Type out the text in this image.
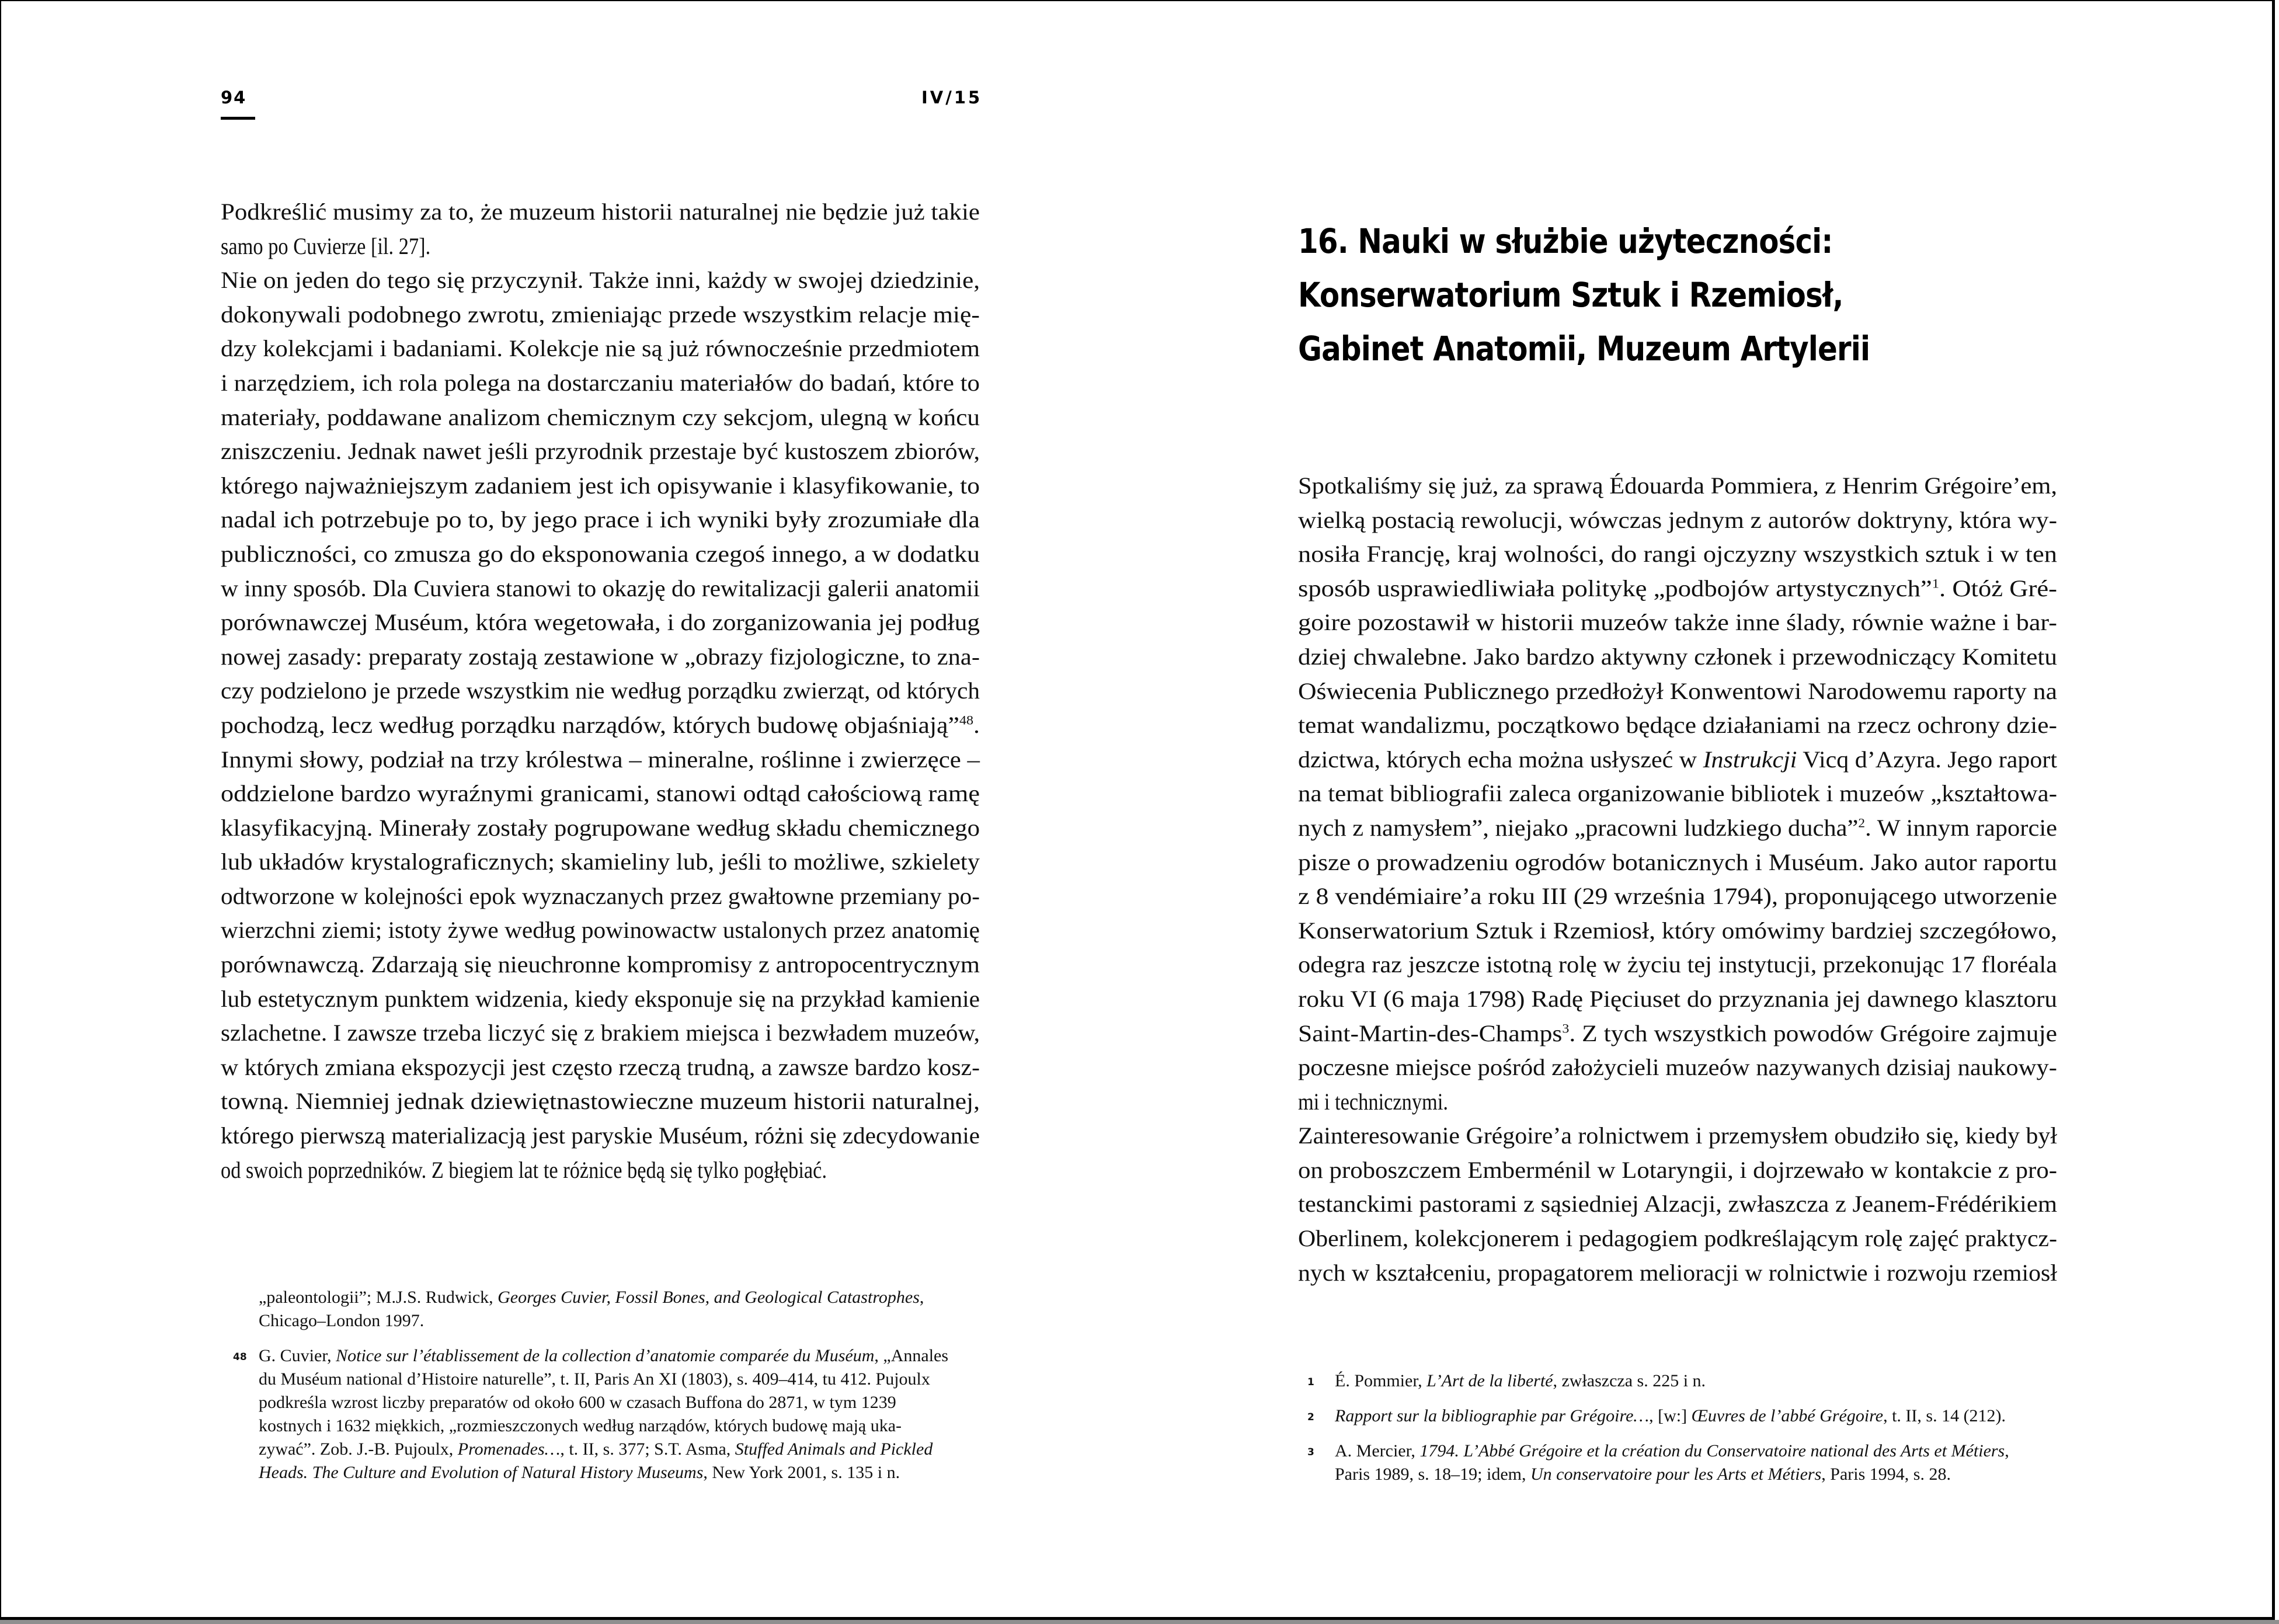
94	IV/15
Podkreślić musimy za to, że muzeum historii naturalnej nie będzie już takie
samo po Cuvierze [il. 27].
Nie on jeden do tego się przyczynił. Także inni, każdy w swojej dziedzinie,
dokonywali podobnego zwrotu, zmieniając przede wszystkim relacje mię-
dzy kolekcjami i badaniami. Kolekcje nie są już równocześnie przedmiotem
i narzędziem, ich rola polega na dostarczaniu materiałów do badań, które to
materiały, poddawane analizom chemicznym czy sekcjom, ulegną w końcu
zniszczeniu. Jednak nawet jeśli przyrodnik przestaje być kustoszem zbiorów,
którego najważniejszym zadaniem jest ich opisywanie i klasyfikowanie, to
nadal ich potrzebuje po to, by jego prace i ich wyniki były zrozumiałe dla
publiczności, co zmusza go do eksponowania czegoś innego, a w dodatku
w inny sposób. Dla Cuviera stanowi to okazję do rewitalizacji galerii anatomii
porównawczej Muséum, która wegetowała, i do zorganizowania jej podług
nowej zasady: preparaty zostają zestawione w „obrazy fizjologiczne, to zna-
czy podzielono je przede wszystkim nie według porządku zwierząt, od których
pochodzą, lecz według porządku narządów, których budowę objaśniają”$^{48}$.
Innymi słowy, podział na trzy królestwa – mineralne, roślinne i zwierzęce –
oddzielone bardzo wyraźnymi granicami, stanowi odtąd całościową ramę
klasyfikacyjną. Minerały zostały pogrupowane według składu chemicznego
lub układów krystalograficznych; skamieliny lub, jeśli to możliwe, szkielety
odtworzone w kolejności epok wyznaczanych przez gwałtowne przemiany po-
wierzchni ziemi; istoty żywe według powinowactw ustalonych przez anatomię
porównawczą. Zdarzają się nieuchronne kompromisy z antropocentrycznym
lub estetycznym punktem widzenia, kiedy eksponuje się na przykład kamienie
szlachetne. I zawsze trzeba liczyć się z brakiem miejsca i bezwładem muzeów,
w których zmiana ekspozycji jest często rzeczą trudną, a zawsze bardzo kosz-
towną. Niemniej jednak dziewiętnastowieczne muzeum historii naturalnej,
którego pierwszą materializacją jest paryskie Muséum, różni się zdecydowanie
od swoich poprzedników. Z biegiem lat te różnice będą się tylko pogłębiać.
„paleontologii”; M.J.S. Rudwick, Georges Cuvier, Fossil Bones, and Geological Catastrophes,
Chicago–London 1997.
48 G. Cuvier, Notice sur l’établissement de la collection d’anatomie comparée du Muséum, „Annales
du Muséum national d’Histoire naturelle”, t. II, Paris An XI (1803), s. 409–414, tu 412. Pujoulx
podkreśla wzrost liczby preparatów od około 600 w czasach Buffona do 2871, w tym 1239
kostnych i 1632 miękkich, „rozmieszczonych według narządów, których budowę mają uka-
zywać”. Zob. J.-B. Pujoulx, Promenades…, t. II, s. 377; S.T. Asma, Stuffed Animals and Pickled
Heads. The Culture and Evolution of Natural History Museums, New York 2001, s. 135 i n.
16. Nauki w służbie użyteczności:
Konserwatorium Sztuk i Rzemiosł,
Gabinet Anatomii, Muzeum Artylerii
Spotkaliśmy się już, za sprawą Édouarda Pommiera, z Henrim Grégoire’em,
wielką postacią rewolucji, wówczas jednym z autorów doktryny, która wy-
nosiła Francję, kraj wolności, do rangi ojczyzny wszystkich sztuk i w ten
sposób usprawiedliwiała politykę „podbojów artystycznych”$^1$. Otóż Gré-
goire pozostawił w historii muzeów także inne ślady, równie ważne i bar-
dziej chwalebne. Jako bardzo aktywny członek i przewodniczący Komitetu
Oświecenia Publicznego przedłożył Konwentowi Narodowemu raporty na
temat wandalizmu, początkowo będące działaniami na rzecz ochrony dzie-
dzictwa, których echa można usłyszeć w Instrukcji Vicq d’Azyra. Jego raport
na temat bibliografii zaleca organizowanie bibliotek i muzeów „kształtowa-
nych z namysłem”, niejako „pracowni ludzkiego ducha”$^2$. W innym raporcie
pisze o prowadzeniu ogrodów botanicznych i Muséum. Jako autor raportu
z 8 vendémiaire’a roku III (29 września 1794), proponującego utworzenie
Konserwatorium Sztuk i Rzemiosł, który omówimy bardziej szczegółowo,
odegra raz jeszcze istotną rolę w życiu tej instytucji, przekonując 17 floréala
roku VI (6 maja 1798) Radę Pięciuset do przyznania jej dawnego klasztoru
Saint-Martin-des-Champs$^3$. Z tych wszystkich powodów Grégoire zajmuje
poczesne miejsce pośród założycieli muzeów nazywanych dzisiaj naukowy-
mi i technicznymi.
Zainteresowanie Grégoire’a rolnictwem i przemysłem obudziło się, kiedy był
on proboszczem Emberménil w Lotaryngii, i dojrzewało w kontakcie z pro-
testanckimi pastorami z sąsiedniej Alzacji, zwłaszcza z Jeanem-Frédérikiem
Oberlinem, kolekcjonerem i pedagogiem podkreślającym rolę zajęć praktycz-
nych w kształceniu, propagatorem melioracji w rolnictwie i rozwoju rzemiosł
1	É. Pommier, L’Art de la liberté, zwłaszcza s. 225 i n.
2	Rapport sur la bibliographie par Grégoire…, [w:] Œuvres de l’abbé Grégoire, t. II, s. 14 (212).
3	A. Mercier, 1794. L’Abbé Grégoire et la création du Conservatoire national des Arts et Métiers,
Paris 1989, s. 18–19; idem, Un conservatoire pour les Arts et Métiers, Paris 1994, s. 28.
